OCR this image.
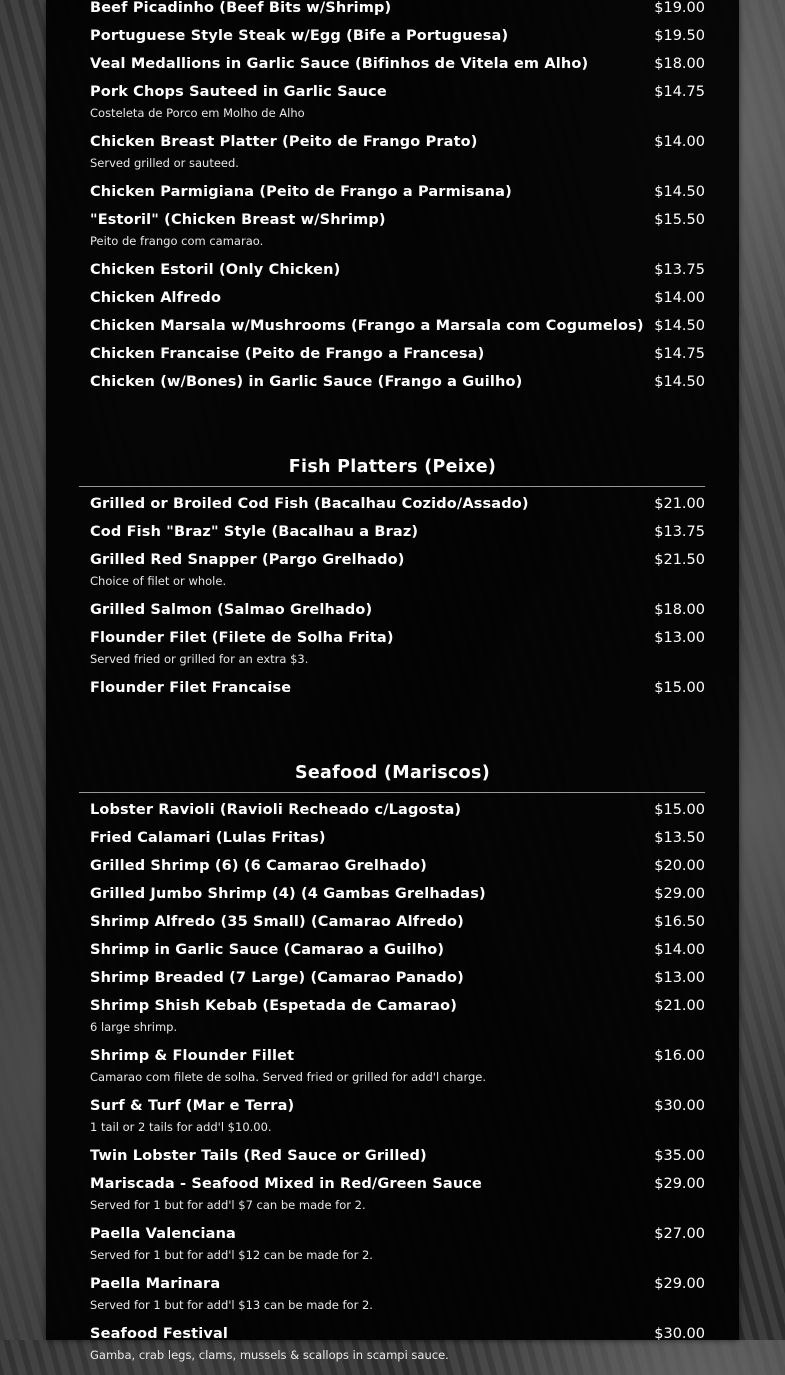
Beef Picadinho (Beef Bits w/Shrimp)	$19.00
Portuguese Style Steak w/Egg (Bife a Portuguesa)	$19.50
Veal Medallions in Garlic Sauce (Bifinhos de Vitela em Alho)	$18.00
Pork Chops Sauteed in Garlic Sauce	$14.75
Costeleta de Porco em Molho de Alho
Chicken Breast Platter (Peito de Frango Prato)	$14.00
Served grilled or sauteed.
Chicken Parmigiana (Peito de Frango a Parmisana)	$14.50
"Estoril" (Chicken Breast w/Shrimp)	$15.50
Peito de frango com camarao.
Chicken Estoril (Only Chicken)	$13.75
Chicken Alfredo	$14.00
Chicken Marsala w/Mushrooms (Frango a Marsala com Cogumelos) $14.50
Chicken Francaise (Peito de Frango a Francesa)	$14.75
Chicken (w/Bones) in Garlic Sauce (Frango a Guilho)	$14.50
Fish Platters (Peixe)
Grilled or Broiled Cod Fish (Bacalhau Cozido/Assado)	$21.00
Cod Fish "Braz" Style (Bacalhau a Braz)	$13.75
Grilled Red Snapper (Pargo Grelhado)	$21.50
Choice of filet or whole.
Grilled Salmon (Salmao Grelhado)	$18.00
Flounder Filet (Filete de Solha Frita)	$13.00
Served fried or grilled for an extra $3.
Flounder Filet Francaise	$15.00
Seafood (Mariscos)
Lobster Ravioli (Ravioli Recheado c/Lagosta)	$15.00
Fried Calamari (Lulas Fritas)	$13.50
Grilled Shrimp (6) (6 Camarao Grelhado)	$20.00
Grilled Jumbo Shrimp (4) (4 Gambas Grelhadas)	$29.00
Shrimp Alfredo (35 Small) (Camarao Alfredo)	$16.50
Shrimp in Garlic Sauce (Camarao a Guilho)	$14.00
Shrimp Breaded (7 Large) (Camarao Panado)	$13.00
Shrimp Shish Kebab (Espetada de Camarao)	$21.00
6 large shrimp.
Shrimp & Flounder Fillet	$16.00
Camarao com filete de solha. Served fried or grilled for add'l charge.
Surf & Turf (Mar e Terra)	$30.00
1 tail or 2 tails for add'l $10.00.
Twin Lobster Tails (Red Sauce or Grilled)	$35.00
Mariscada - Seafood Mixed in Red/Green Sauce	$29.00
Served for 1 but for add'l $7 can be made for 2.
Paella Valenciana	$27.00
Served for 1 but for add'l $12 can be made for 2.
Paella Marinara	$29.00
Served for 1 but for add'l $13 can be made for 2.
Seafood Festival	$30.00
Gamba, crab legs, clams, mussels & scallops in scampi sauce.
